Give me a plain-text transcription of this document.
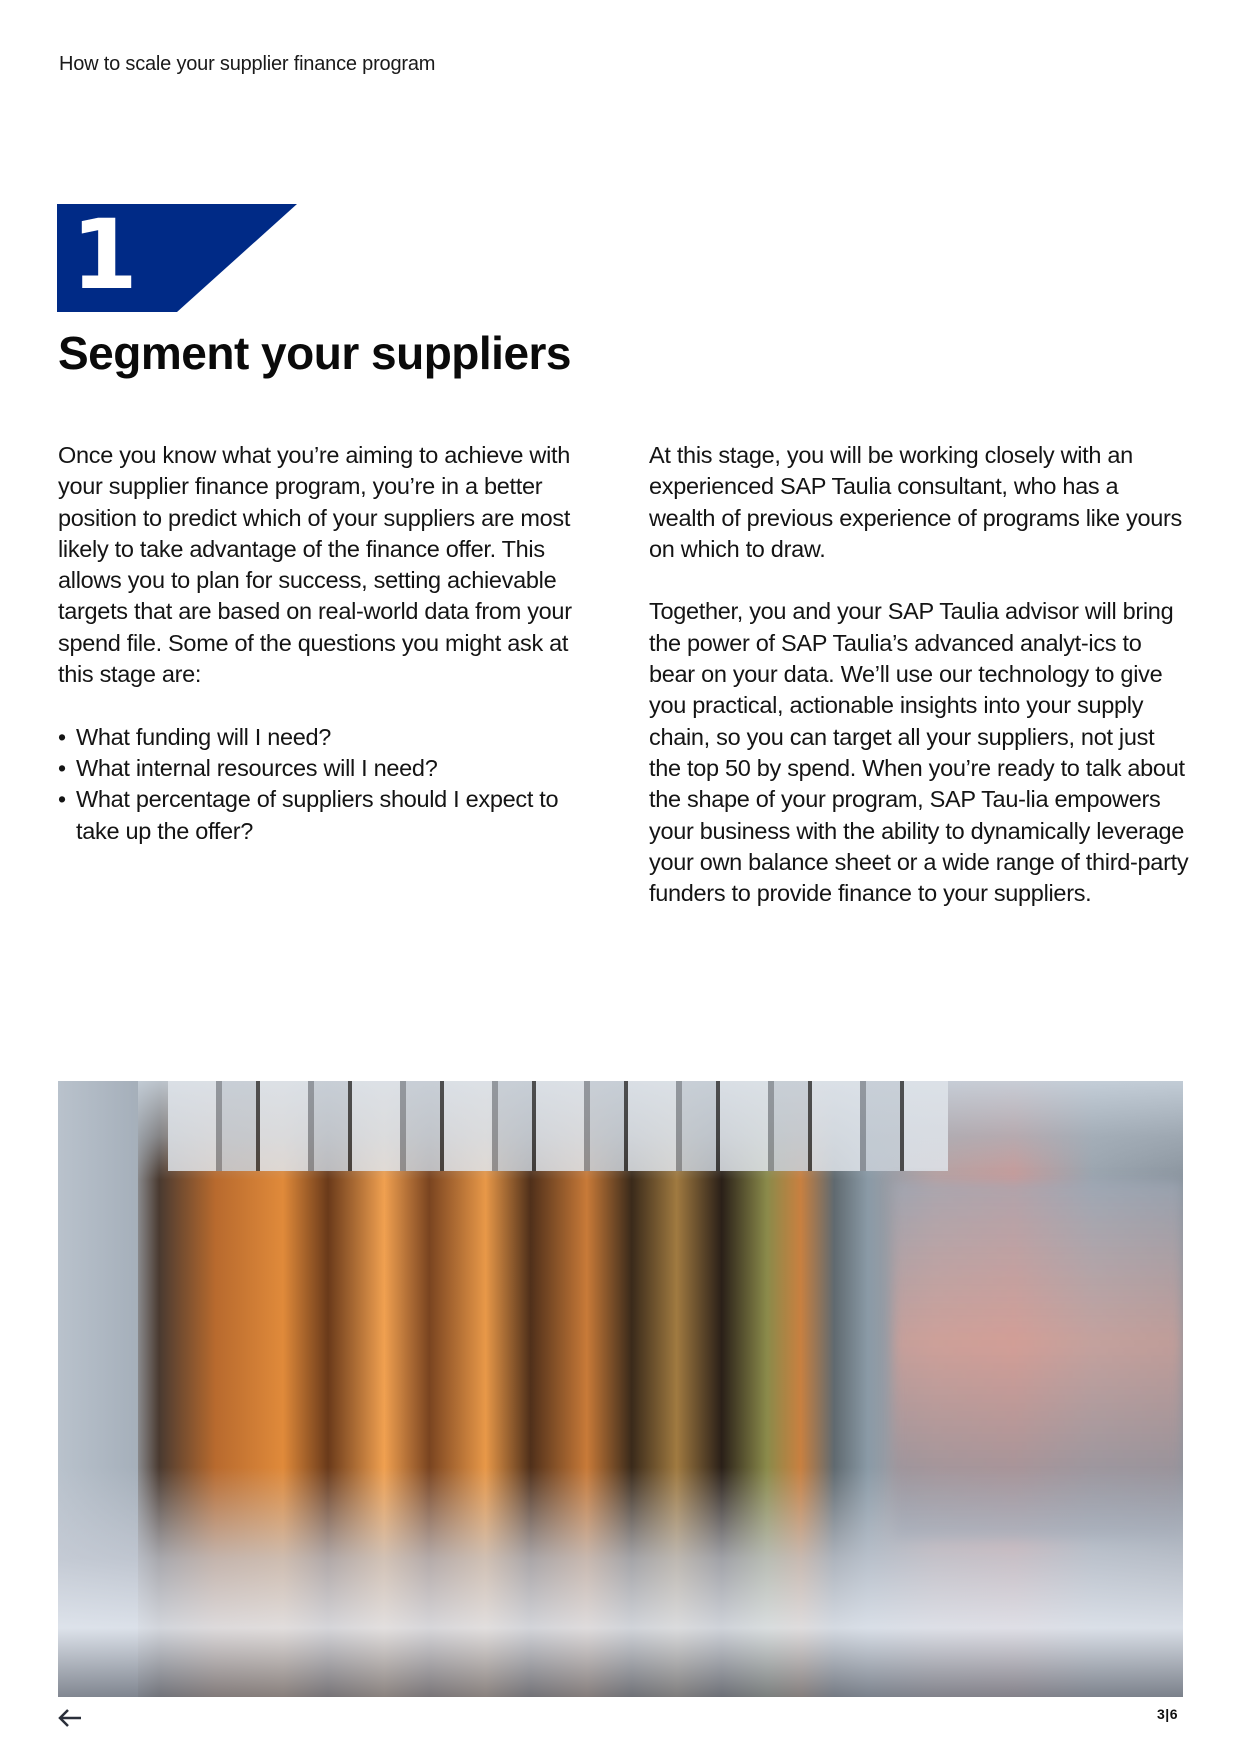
How to scale your supplier finance program
1
Segment your suppliers

Once you know what you’re aiming to achieve with your supplier finance program, you’re in a better position to predict which of your suppliers are most likely to take advantage of the finance offer. This allows you to plan for success, setting achievable targets that are based on real-world data from your spend file. Some of the questions you might ask at this stage are:

• What funding will I need?
• What internal resources will I need?
• What percentage of suppliers should I expect to take up the offer?

At this stage, you will be working closely with an experienced SAP Taulia consultant, who has a wealth of previous experience of programs like yours on which to draw.

Together, you and your SAP Taulia advisor will bring the power of SAP Taulia’s advanced analyt-ics to bear on your data. We’ll use our technology to give you practical, actionable insights into your supply chain, so you can target all your suppliers, not just the top 50 by spend. When you’re ready to talk about the shape of your program, SAP Tau-lia empowers your business with the ability to dynamically leverage your own balance sheet or a wide range of third-party funders to provide finance to your suppliers.

3|6
